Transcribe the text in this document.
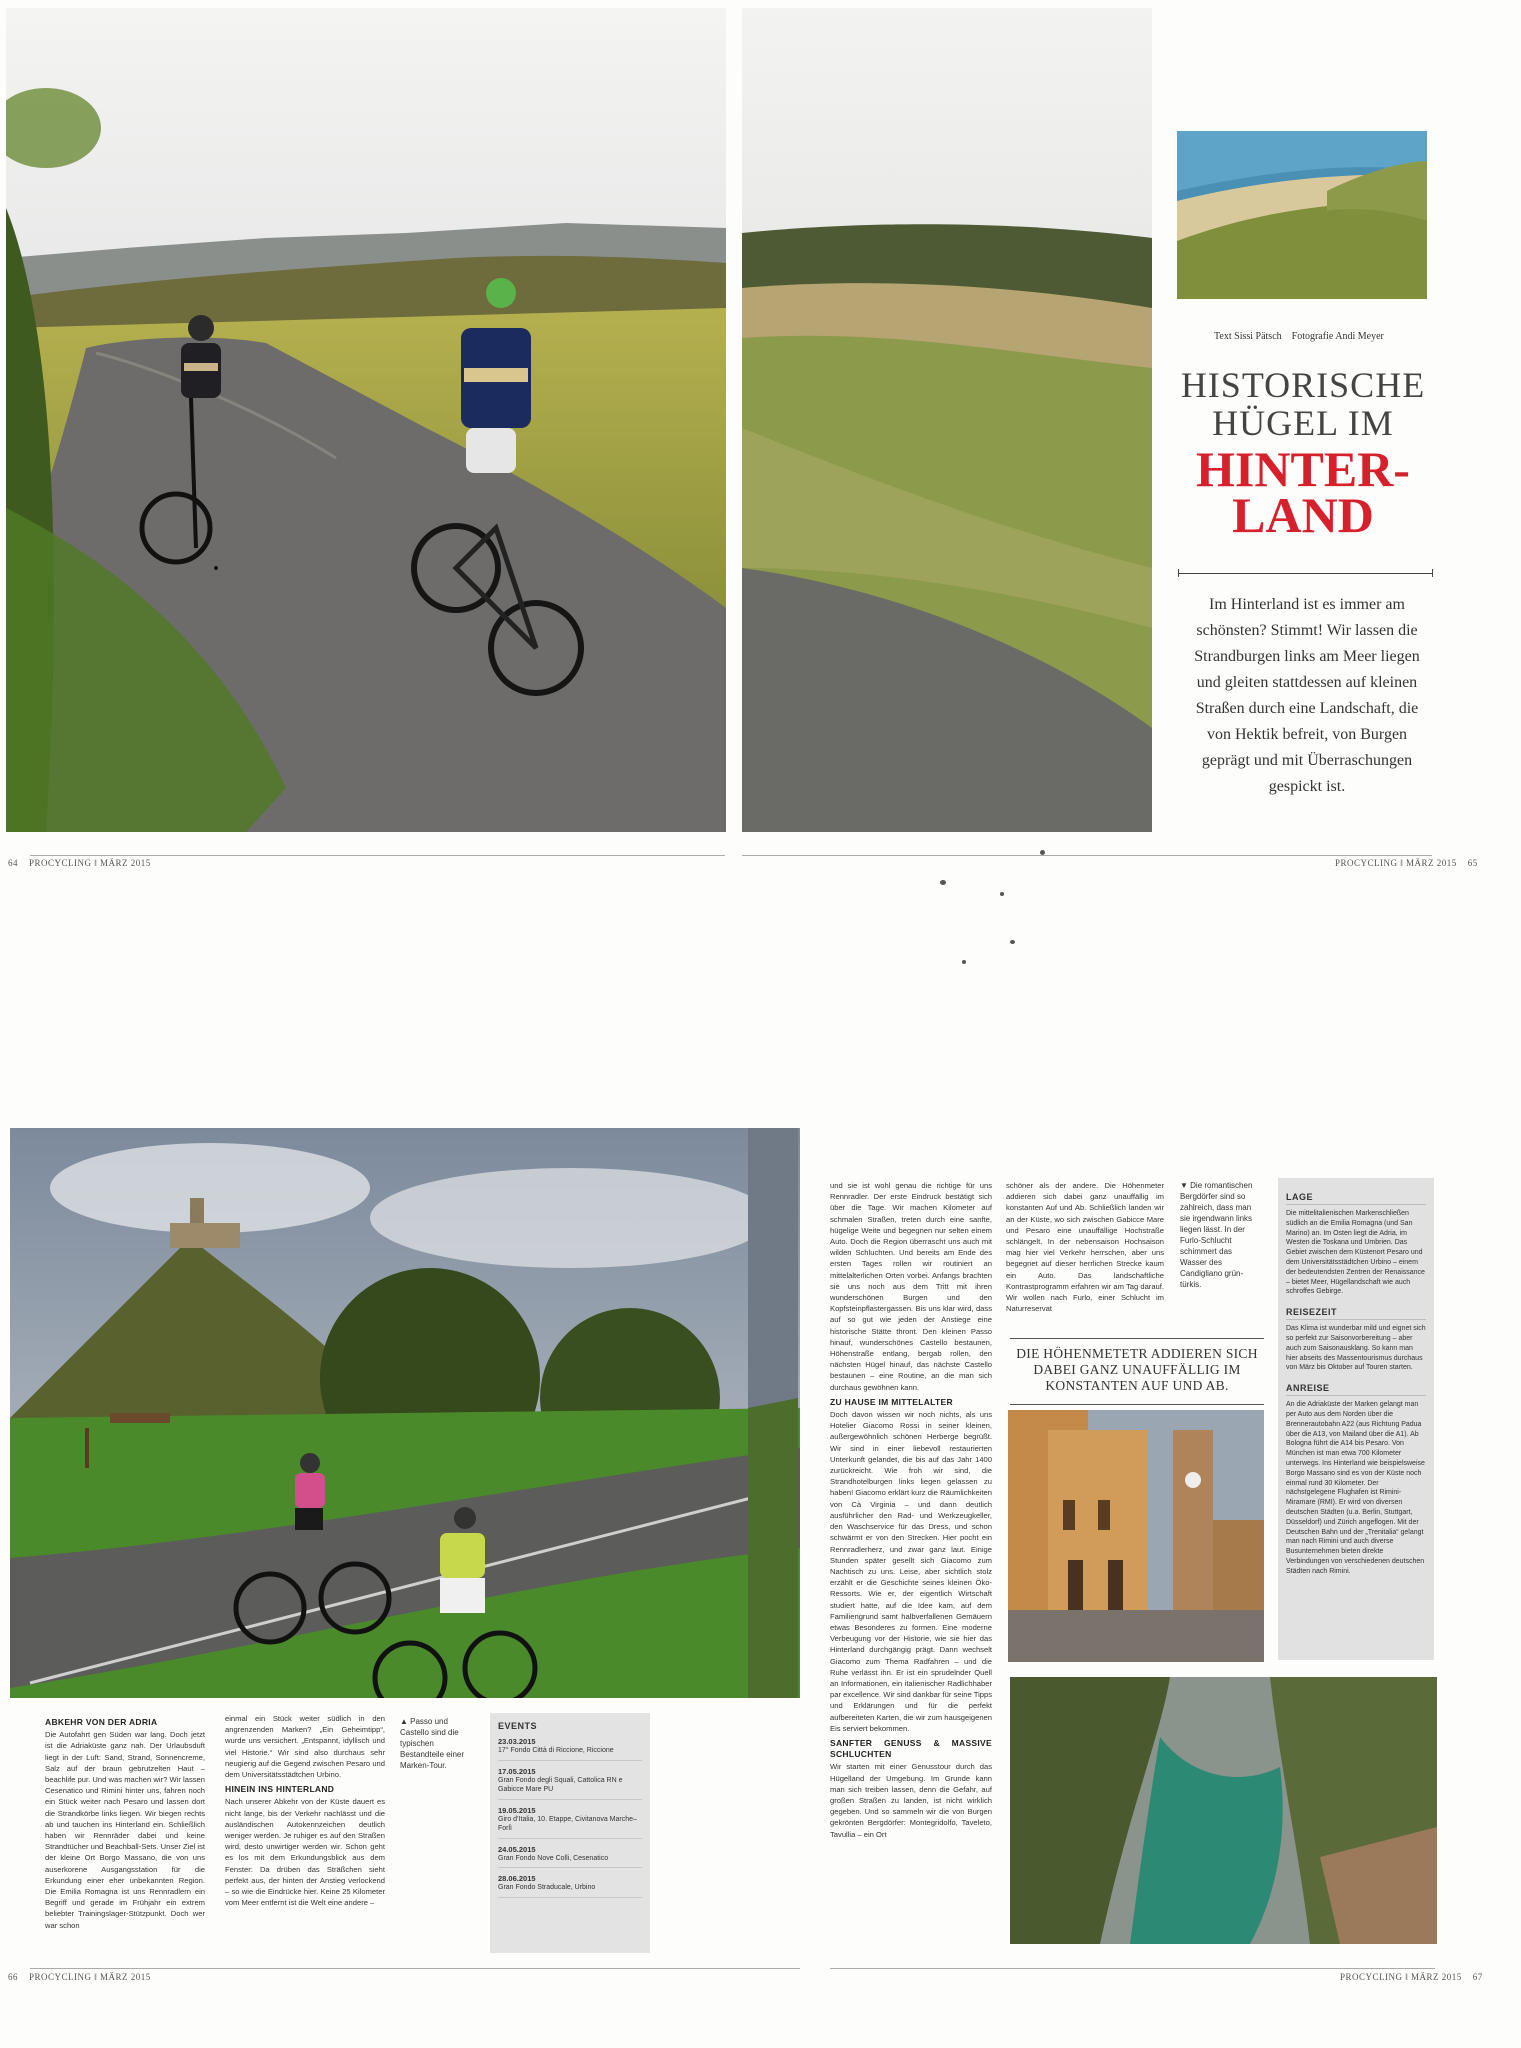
Text Sissi Pätsch Fotografie Andi Meyer
HISTORISCHE
HÜGEL IM
HINTER-
LAND
Im Hinterland ist es immer am schönsten? Stimmt! Wir lassen die Strandburgen links am Meer liegen und gleiten stattdessen auf kleinen Straßen durch eine Landschaft, die von Hektik befreit, von Burgen geprägt und mit Überraschungen gespickt ist.
64 PROCYCLING ‖ MÄRZ 2015	PROCYCLING ‖ MÄRZ 2015 65
ABKEHR VON DER ADRIA
Die Autofahrt gen Süden war lang. Doch jetzt ist die Adriaküste ganz nah. Der Urlaubsduft liegt in der Luft: Sand, Strand, Sonnencreme, Salz auf der braun gebrutzelten Haut – beachlife pur. Und was machen wir? Wir lassen Cesenatico und Rimini hinter uns, fahren noch ein Stück weiter nach Pesaro und lassen dort die Strandkörbe links liegen. Wir biegen rechts ab und tauchen ins Hinterland ein. Schließlich haben wir Rennräder dabei und keine Strandtücher und Beachball-Sets. Unser Ziel ist der kleine Ort Borgo Massano, die von uns auserkorene Ausgangsstation für die Erkundung einer eher unbekannten Region. Die Emilia Romagna ist uns Rennradlern ein Begriff und gerade im Frühjahr ein extrem beliebter Trainingslager-Stützpunkt. Doch wer war schon
einmal ein Stück weiter südlich in den angrenzenden Marken? „Ein Geheimtipp“, wurde uns versichert. „Entspannt, idyllisch und viel Historie.“ Wir sind also durchaus sehr neugierig auf die Gegend zwischen Pesaro und dem Universitätsstädtchen Urbino.
HINEIN INS HINTERLAND
Nach unserer Abkehr von der Küste dauert es nicht lange, bis der Verkehr nachlässt und die ausländischen Autokennzeichen deutlich weniger werden. Je ruhiger es auf den Straßen wird, desto unwirtiger werden wir. Schon geht es los mit dem Erkundungsblick aus dem Fenster: Da drüben das Sträßchen sieht perfekt aus, der hinten der Anstieg verlockend – so wie die Eindrücke hier. Keine 25 Kilometer vom Meer entfernt ist die Welt eine andere –
▲ Passo und Castello sind die typischen Bestandteile einer Marken-Tour.
EVENTS
23.03.2015
17° Fondo Città di Riccione, Riccione
17.05.2015
Gran Fondo degli Squali, Cattolica RN e Gabicce Mare PU
19.05.2015
Giro d’Italia, 10. Etappe, Civitanova Marche–Forlì
24.05.2015
Gran Fondo Nove Colli, Cesenatico
28.06.2015
Gran Fondo Straducale, Urbino
und sie ist wohl genau die richtige für uns Rennradler. Der erste Eindruck bestätigt sich über die Tage. Wir machen Kilometer auf schmalen Straßen, treten durch eine sanfte, hügelige Weite und begegnen nur selten einem Auto. Doch die Region überrascht uns auch mit wilden Schluchten. Und bereits am Ende des ersten Tages rollen wir routiniert an mittelalterlichen Orten vorbei. Anfangs brachten sie uns noch aus dem Tritt mit ihren wunderschönen Burgen und den Kopfsteinpflastergassen. Bis uns klar wird, dass auf so gut wie jeden der Anstiege eine historische Stätte thront. Den kleinen Passo hinauf, wunderschönes Castello bestaunen, Höhenstraße entlang, bergab rollen, den nächsten Hügel hinauf, das nächste Castello bestaunen – eine Routine, an die man sich durchaus gewöhnen kann.
ZU HAUSE IM MITTELALTER
Doch davon wissen wir noch nichts, als uns Hotelier Giacomo Rossi in seiner kleinen, außergewöhnlich schönen Herberge begrüßt. Wir sind in einer liebevoll restaurierten Unterkunft gelandet, die bis auf das Jahr 1400 zurückreicht. Wie froh wir sind, die Strandhotelburgen links liegen gelassen zu haben! Giacomo erklärt kurz die Räumlichkeiten von Cà Virginia – und dann deutlich ausführlicher den Rad- und Werkzeugkeller, den Waschservice für das Dress, und schon schwärmt er von den Strecken. Hier pocht ein Rennradlerherz, und zwar ganz laut. Einige Stunden später gesellt sich Giacomo zum Nachtisch zu uns. Leise, aber sichtlich stolz erzählt er die Geschichte seines kleinen Öko-Ressorts. Wie er, der eigentlich Wirtschaft studiert hatte, auf die Idee kam, auf dem Familiengrund samt halbverfallenen Gemäuern etwas Besonderes zu formen. Eine moderne Verbeugung vor der Historie, wie sie hier das Hinterland durchgängig prägt. Dann wechselt Giacomo zum Thema Radfahren – und die Ruhe verlässt ihn. Er ist ein sprudelnder Quell an Informationen, ein italienischer Radlichhaber par excellence. Wir sind dankbar für seine Tipps und Erklärungen und für die perfekt aufbereiteten Karten, die wir zum hausgeigenen Eis serviert bekommen.
SANFTER GENUSS & MASSIVE SCHLUCHTEN
Wir starten mit einer Genusstour durch das Hügelland der Umgebung. Im Grunde kann man sich treiben lassen, denn die Gefahr, auf großen Straßen zu landen, ist nicht wirklich gegeben. Und so sammeln wir die von Burgen gekrönten Bergdörfer: Montegridolfo, Taveleto, Tavullia – ein Ort
schöner als der andere. Die Höhenmeter addieren sich dabei ganz unauffällig im konstanten Auf und Ab. Schließlich landen wir an der Küste, wo sich zwischen Gabicce Mare und Pesaro eine unauffällige Hochstraße schlängelt. In der nebensaison Hochsaison mag hier viel Verkehr herrschen, aber uns begegnet auf dieser herrlichen Strecke kaum ein Auto. Das landschaftliche Kontrastprogramm erfahren wir am Tag darauf. Wir wollen nach Furlo, einer Schlucht im Naturreservat
▼ Die romantischen Bergdörfer sind so zahlreich, dass man sie irgendwann links liegen lässt. In der Furlo-Schlucht schimmert das Wasser des Candigliano grün-türkis.
DIE HÖHENMETETR ADDIEREN SICH DABEI GANZ UNAUFFÄLLIG IM KONSTANTEN AUF UND AB.
LAGE
Die mittelitalienischen Markenschließen südlich an die Emilia Romagna (und San Marino) an. Im Osten liegt die Adria, im Westen die Toskana und Umbrien. Das Gebiet zwischen dem Küstenort Pesaro und dem Universitätsstädtchen Urbino – einem der bedeutendsten Zentren der Renaissance – bietet Meer, Hügellandschaft wie auch schroffes Gebirge.
REISEZEIT
Das Klima ist wunderbar mild und eignet sich so perfekt zur Saisonvorbereitung – aber auch zum Saisonausklang. So kann man hier abseits des Massentourismus durchaus von März bis Oktober auf Touren starten.
ANREISE
An die Adriaküste der Marken gelangt man per Auto aus dem Norden über die Brennerautobahn A22 (aus Richtung Padua über die A13, von Mailand über die A1). Ab Bologna führt die A14 bis Pesaro. Von München ist man etwa 700 Kilometer unterwegs. Ins Hinterland wie beispielsweise Borgo Massano sind es von der Küste noch einmal rund 30 Kilometer. Der nächstgelegene Flughafen ist Rimini-Miramare (RMI). Er wird von diversen deutschen Städten (u.a. Berlin, Stuttgart, Düsseldorf) und Zürich angeflogen. Mit der Deutschen Bahn und der „Trenitalia“ gelangt man nach Rimini und auch diverse Busunternehmen bieten direkte Verbindungen von verschiedenen deutschen Städten nach Rimini.
66 PROCYCLING ‖ MÄRZ 2015	PROCYCLING ‖ MÄRZ 2015 67
